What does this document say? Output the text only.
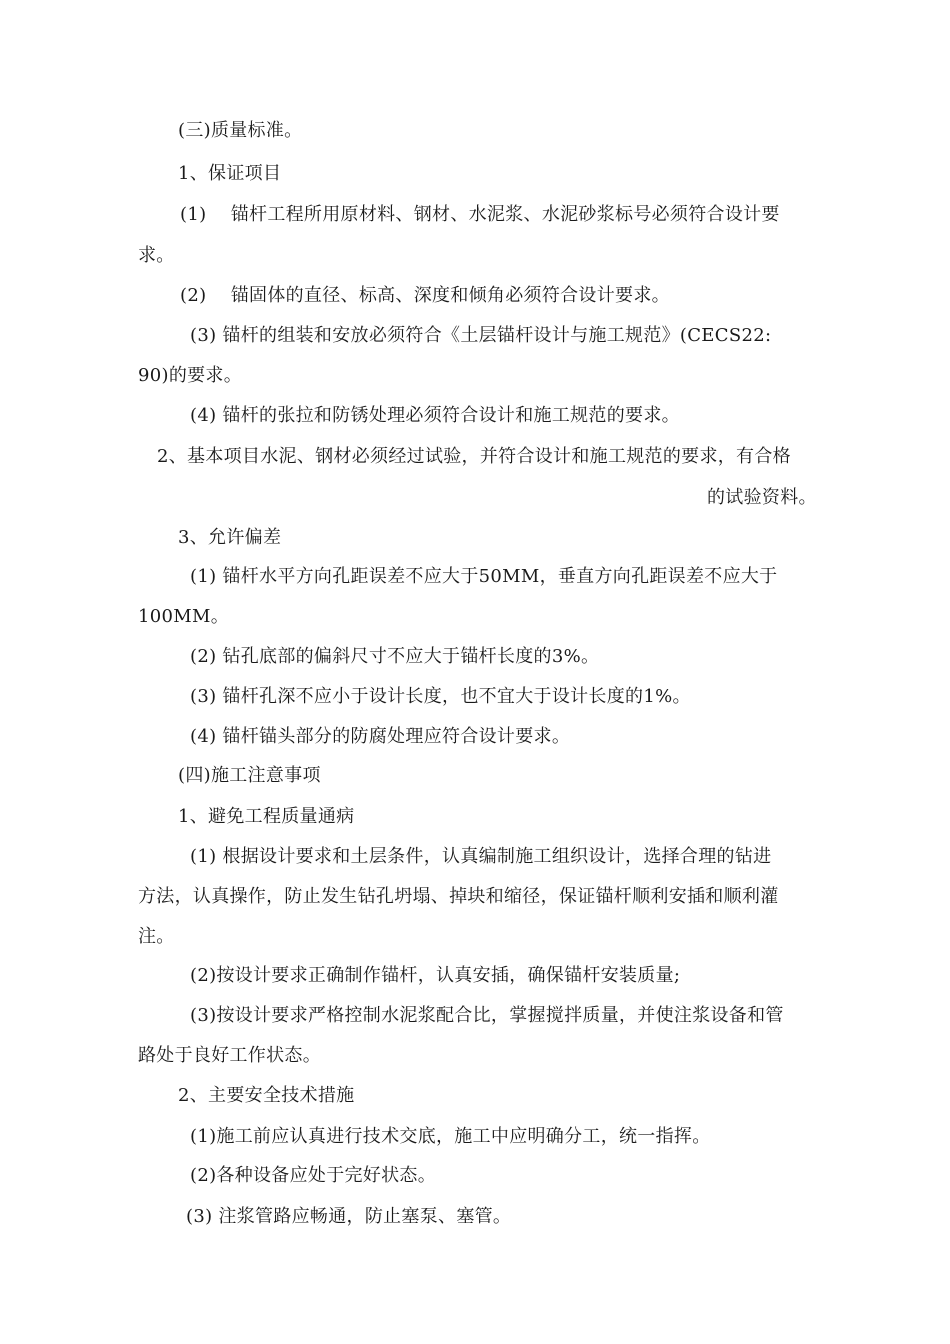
(三)质量标准。
1、保证项目
(1)　 锚杆工程所用原材料、钢材、水泥浆、水泥砂浆标号必须符合设计要
求。
(2)　 锚固体的直径、标高、深度和倾角必须符合设计要求。
(3) 锚杆的组装和安放必须符合《土层锚杆设计与施工规范》(CECS22:
90)的要求。
(4) 锚杆的张拉和防锈处理必须符合设计和施工规范的要求。
2、基本项目水泥、钢材必须经过试验，并符合设计和施工规范的要求，有合格
的试验资料。
3、允许偏差
(1) 锚杆水平方向孔距误差不应大于50MM，垂直方向孔距误差不应大于
100MM。
(2) 钻孔底部的偏斜尺寸不应大于锚杆长度的3%。
(3) 锚杆孔深不应小于设计长度，也不宜大于设计长度的1%。
(4) 锚杆锚头部分的防腐处理应符合设计要求。
(四)施工注意事项
1、避免工程质量通病
(1) 根据设计要求和土层条件，认真编制施工组织设计，选择合理的钻进
方法，认真操作，防止发生钻孔坍塌、掉块和缩径，保证锚杆顺利安插和顺利灌
注。
(2)按设计要求正确制作锚杆，认真安插，确保锚杆安装质量;
(3)按设计要求严格控制水泥浆配合比，掌握搅拌质量，并使注浆设备和管
路处于良好工作状态。
2、主要安全技术措施
(1)施工前应认真进行技术交底，施工中应明确分工，统一指挥。
(2)各种设备应处于完好状态。
(3) 注浆管路应畅通，防止塞泵、塞管。
